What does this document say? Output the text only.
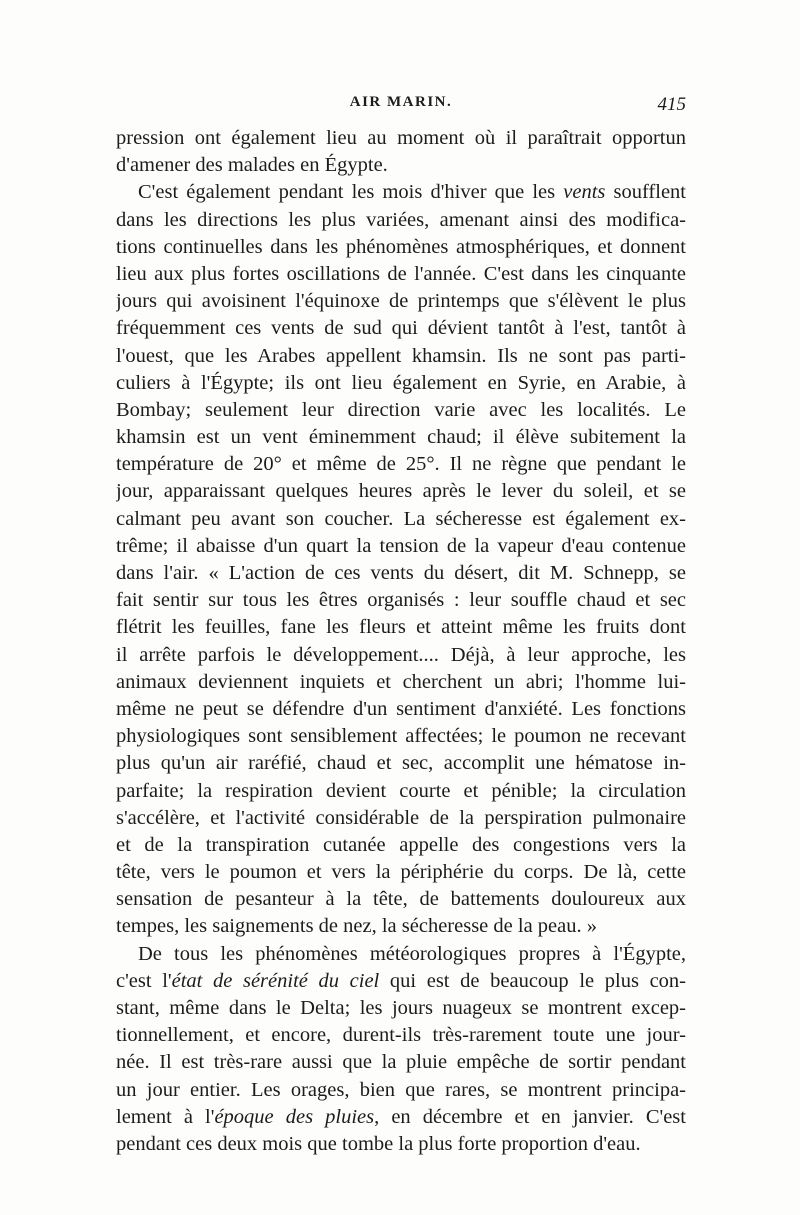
AIR MARIN.	415
pression ont également lieu au moment où il paraîtrait opportun
d'amener des malades en Égypte.
C'est également pendant les mois d'hiver que les vents soufflent
dans les directions les plus variées, amenant ainsi des modifica-
tions continuelles dans les phénomènes atmosphériques, et donnent
lieu aux plus fortes oscillations de l'année. C'est dans les cinquante
jours qui avoisinent l'équinoxe de printemps que s'élèvent le plus
fréquemment ces vents de sud qui dévient tantôt à l'est, tantôt à
l'ouest, que les Arabes appellent khamsin. Ils ne sont pas parti-
culiers à l'Égypte; ils ont lieu également en Syrie, en Arabie, à
Bombay; seulement leur direction varie avec les localités. Le
khamsin est un vent éminemment chaud; il élève subitement la
température de 20° et même de 25°. Il ne règne que pendant le
jour, apparaissant quelques heures après le lever du soleil, et se
calmant peu avant son coucher. La sécheresse est également ex-
trême; il abaisse d'un quart la tension de la vapeur d'eau contenue
dans l'air. « L'action de ces vents du désert, dit M. Schnepp, se
fait sentir sur tous les êtres organisés : leur souffle chaud et sec
flétrit les feuilles, fane les fleurs et atteint même les fruits dont
il arrête parfois le développement.... Déjà, à leur approche, les
animaux deviennent inquiets et cherchent un abri; l'homme lui-
même ne peut se défendre d'un sentiment d'anxiété. Les fonctions
physiologiques sont sensiblement affectées; le poumon ne recevant
plus qu'un air raréfié, chaud et sec, accomplit une hématose in-
parfaite; la respiration devient courte et pénible; la circulation
s'accélère, et l'activité considérable de la perspiration pulmonaire
et de la transpiration cutanée appelle des congestions vers la
tête, vers le poumon et vers la périphérie du corps. De là, cette
sensation de pesanteur à la tête, de battements douloureux aux
tempes, les saignements de nez, la sécheresse de la peau. »
De tous les phénomènes météorologiques propres à l'Égypte,
c'est l'état de sérénité du ciel qui est de beaucoup le plus con-
stant, même dans le Delta; les jours nuageux se montrent excep-
tionnellement, et encore, durent-ils très-rarement toute une jour-
née. Il est très-rare aussi que la pluie empêche de sortir pendant
un jour entier. Les orages, bien que rares, se montrent principa-
lement à l'époque des pluies, en décembre et en janvier. C'est
pendant ces deux mois que tombe la plus forte proportion d'eau.
